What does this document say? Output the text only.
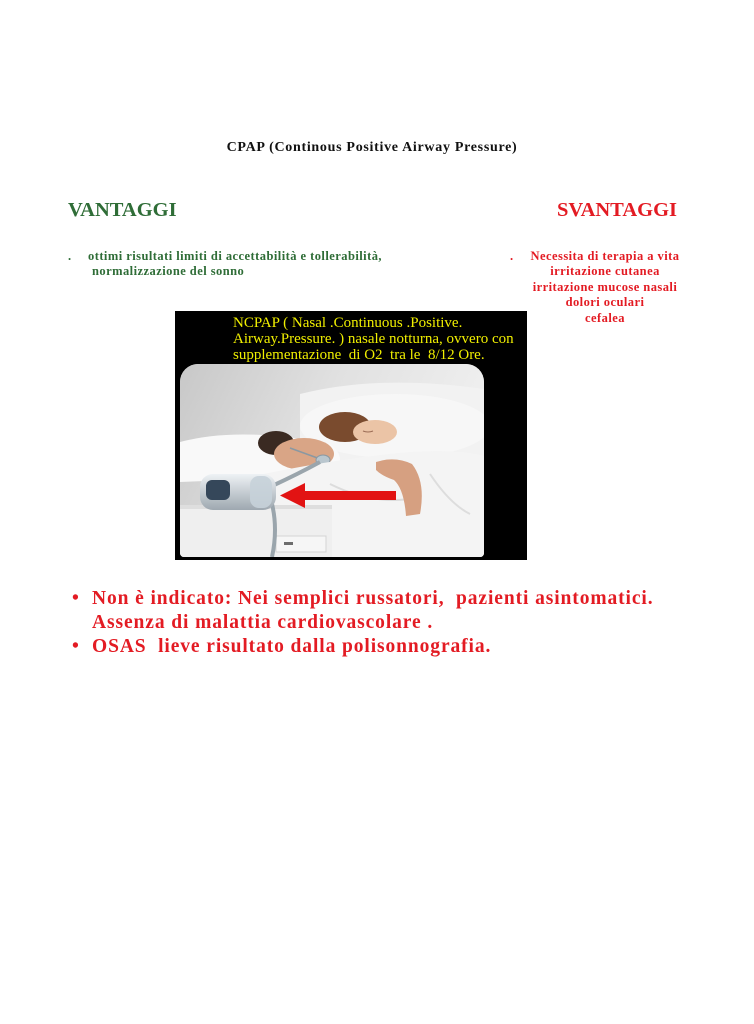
CPAP (Continous Positive Airway Pressure)
VANTAGGI	SVANTAGGI
. ottimi risultati limiti di accettabilità e tollerabilità,
normalizzazione del sonno
.	Necessita di terapia a vita
irritazione cutanea
irritazione mucose nasali
dolori oculari
cefalea
NCPAP ( Nasal .Continuous .Positive.
Airway.Pressure. ) nasale notturna, ovvero con
supplementazione  di O2  tra le  8/12 Ore.
• Non è indicato: Nei semplici russatori,  pazienti asintomatici.
Assenza di malattia cardiovascolare .
• OSAS  lieve risultato dalla polisonnografia.
